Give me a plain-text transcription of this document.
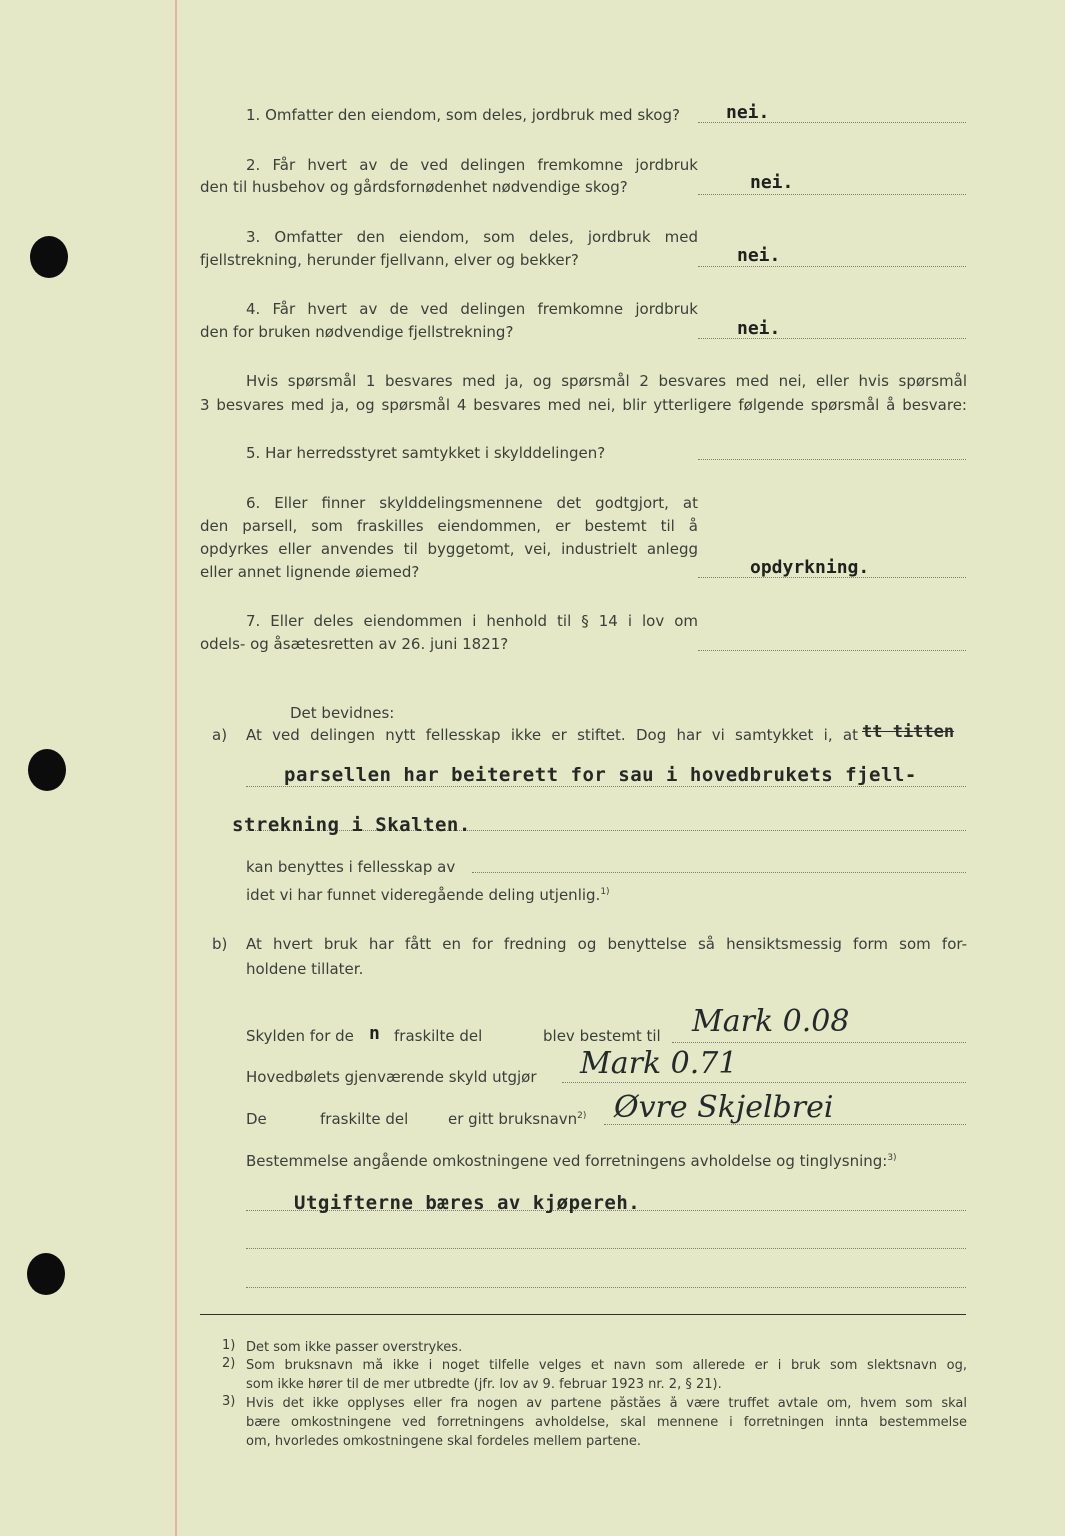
1. Omfatter den eiendom, som deles, jordbruk med skog?	nei.
2. Får hvert av de ved delingen fremkomne jordbruk
den til husbehov og gårdsfornødenhet nødvendige skog?	nei.
3. Omfatter den eiendom, som deles, jordbruk med
fjellstrekning, herunder fjellvann, elver og bekker?	nei.
4. Får hvert av de ved delingen fremkomne jordbruk
den for bruken nødvendige fjellstrekning?	nei.
Hvis spørsmål 1 besvares med ja, og spørsmål 2 besvares med nei, eller hvis spørsmål
3 besvares med ja, og spørsmål 4 besvares med nei, blir ytterligere følgende spørsmål å besvare:
5. Har herredsstyret samtykket i skylddelingen?
6. Eller finner skylddelingsmennene det godtgjort, at
den parsell, som fraskilles eiendommen, er bestemt til å
opdyrkes eller anvendes til byggetomt, vei, industrielt anlegg
eller annet lignende øiemed?	opdyrkning.
7. Eller deles eiendommen i henhold til § 14 i lov om
odels- og åsætesretten av 26. juni 1821?
Det bevidnes:
a) At ved delingen nytt fellesskap ikke er stiftet. Dog har vi samtykket i, at tt titten
parsellen har beiterett for sau i hovedbrukets fjell-
strekning i Skalten.
kan benyttes i fellesskap av
idet vi har funnet videregående deling utjenlig.$^{1)}$
b) At hvert bruk har fått en for fredning og benyttelse så hensiktsmessig form som for-
holdene tillater.
Skylden for de n fraskilte del	blev bestemt til Mark 0.08
Hovedbølets gjenværende skyld utgjør Mark 0.71
De	fraskilte del	er gitt bruksnavn$^{2)}$ Øvre Skjelbrei
Bestemmelse angående omkostningene ved forretningens avholdelse og tinglysning:$^{3)}$
Utgifterne bæres av kjøpereh.
1) Det som ikke passer overstrykes.
2) Som bruksnavn må ikke i noget tilfelle velges et navn som allerede er i bruk som slektsnavn og,
som ikke hører til de mer utbredte (jfr. lov av 9. februar 1923 nr. 2, § 21).
3) Hvis det ikke opplyses eller fra nogen av partene påståes å være truffet avtale om, hvem som skal
bære omkostningene ved forretningens avholdelse, skal mennene i forretningen innta bestemmelse
om, hvorledes omkostningene skal fordeles mellem partene.
